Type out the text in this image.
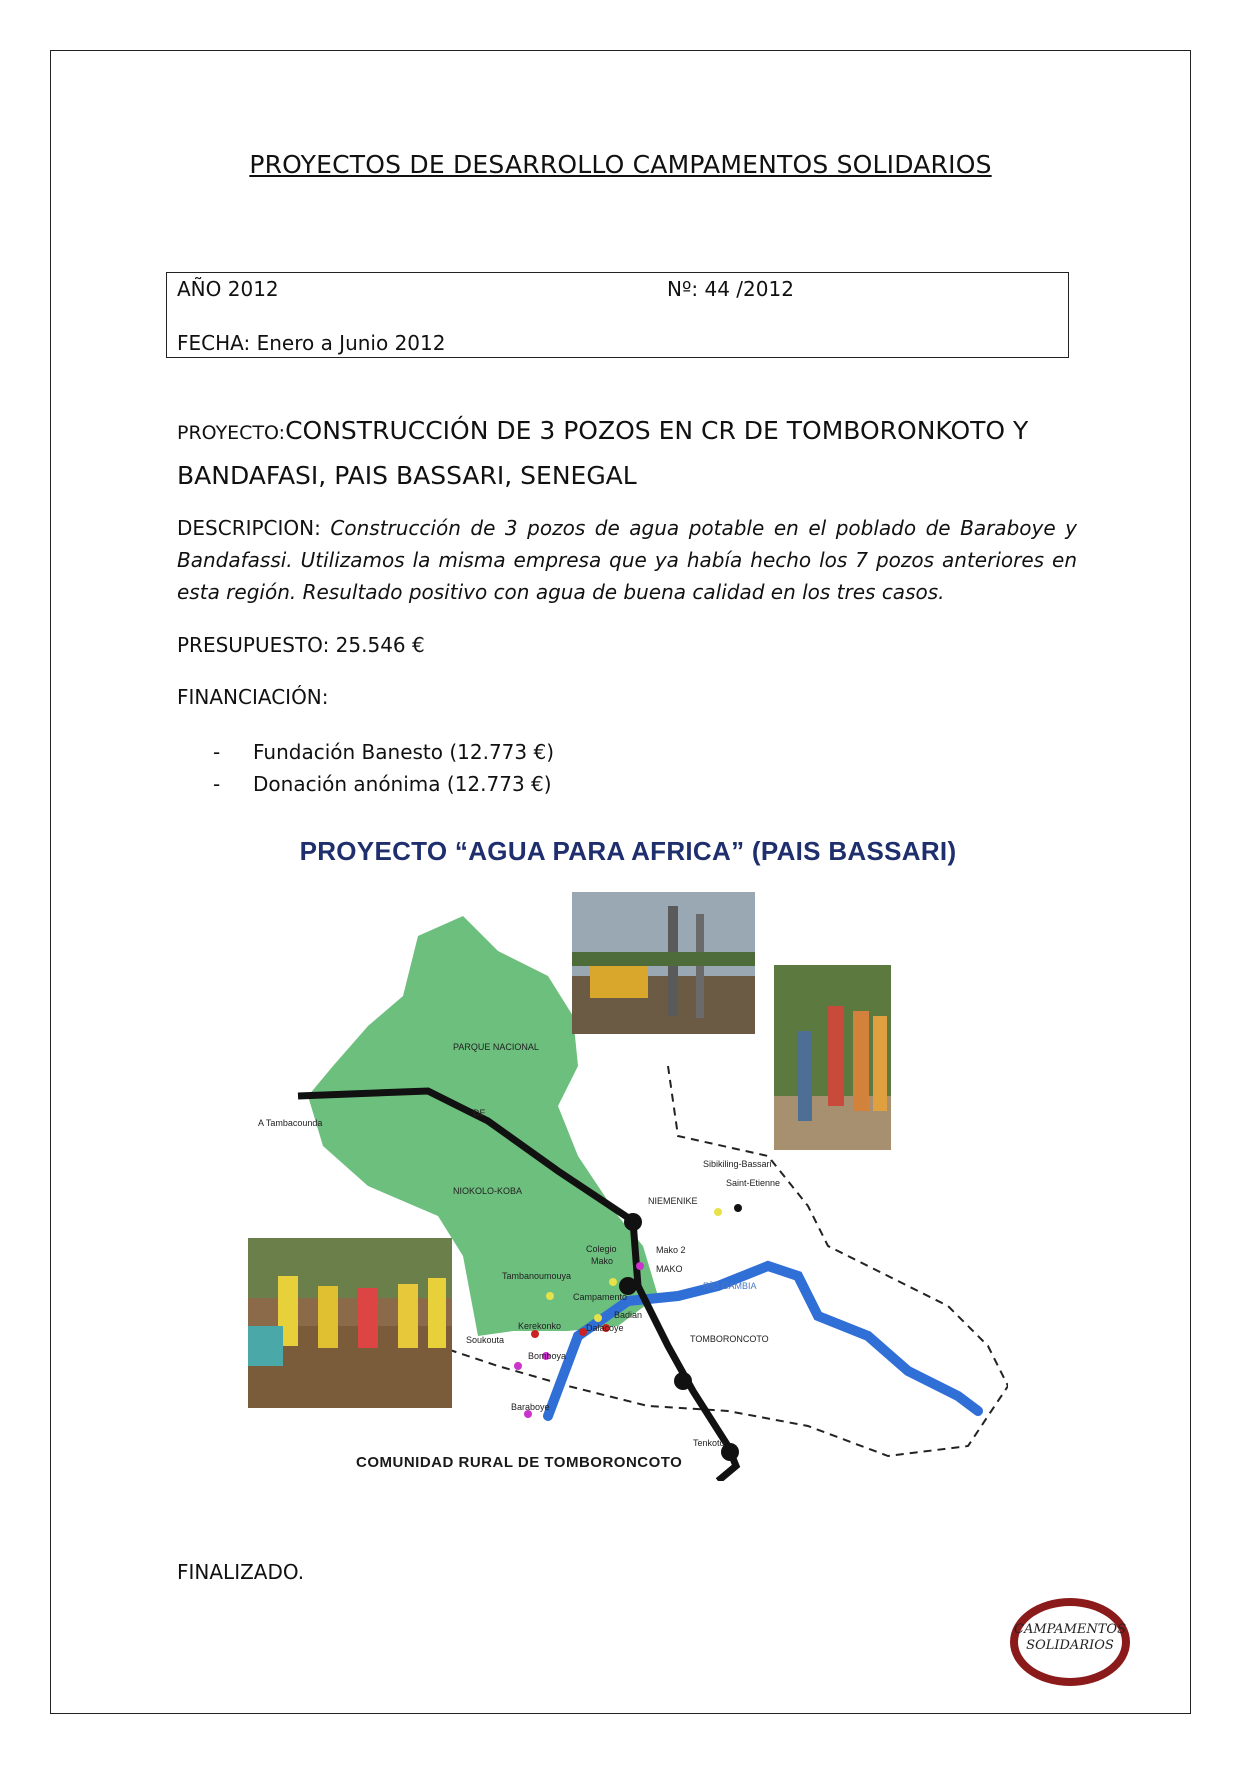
PROYECTOS DE DESARROLLO CAMPAMENTOS SOLIDARIOS
AÑO 2012	Nº: 44 /2012
FECHA: Enero a Junio 2012
PROYECTO:CONSTRUCCIÓN DE 3 POZOS EN CR DE TOMBORONKOTO Y BANDAFASI, PAIS BASSARI, SENEGAL
DESCRIPCION: Construcción de 3 pozos de agua potable en el poblado de Baraboye y Bandafassi. Utilizamos la misma empresa que ya había hecho los 7 pozos anteriores en esta región. Resultado positivo con agua de buena calidad en los tres casos.
PRESUPUESTO: 25.546 €
FINANCIACIÓN:
- Fundación Banesto (12.773 €)
- Donación anónima (12.773 €)
PROYECTO “AGUA PARA AFRICA” (PAIS BASSARI)
COMUNIDAD RURAL DE TOMBORONCOTO
PARQUE NACIONAL
DE
NIOKOLO-KOBA
A Tambacounda
Sibikiling-Bassari
Saint-Etienne
NIEMENIKE
Mako 2
MAKO
Colegio
Mako
Tambanoumouya
Campamento
RÍO GAMBIA
Badian
Dalacoye
Kerekonko
Soukouta
Bomboya
TOMBORONCOTO
Baraboye
Tenkoto
FINALIZADO.
CAMPAMENTOS
SOLIDARIOS
